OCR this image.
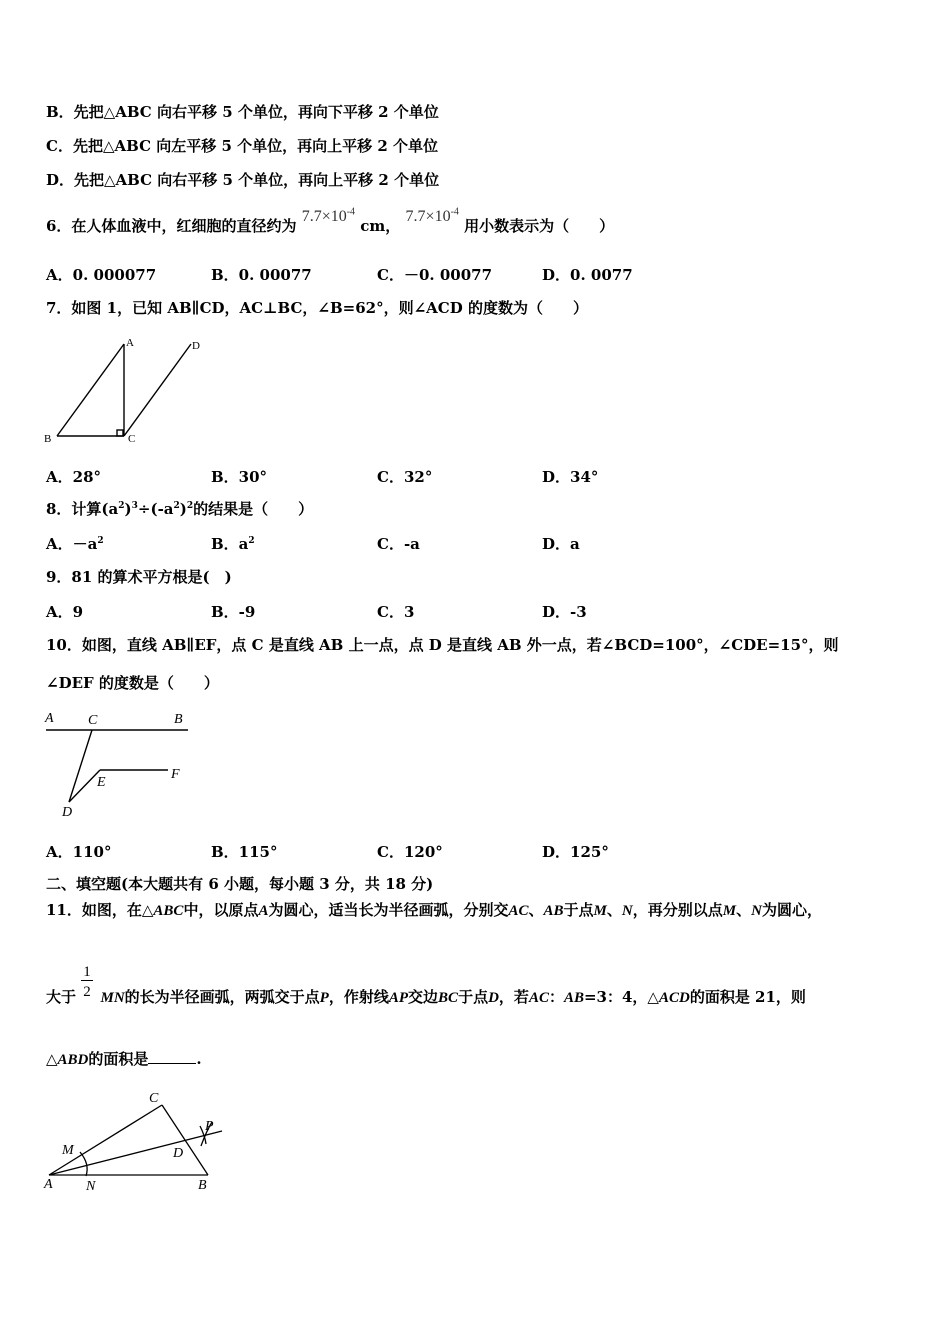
B．先把△ABC 向右平移 5 个单位，再向下平移 2 个单位
C．先把△ABC 向左平移 5 个单位，再向上平移 2 个单位
D．先把△ABC 向右平移 5 个单位，再向上平移 2 个单位
6．在人体血液中，红细胞的直径约为 $7.7\times 10^{-4}$ cm， $7.7\times 10^{-4}$ 用小数表示为（　　）
A．0. 000077	B．0. 00077	C．－0. 00077	D．0. 0077
7．如图 1，已知 AB∥CD，AC⊥BC，∠B=62°，则∠ACD 的度数为（　　）
A	D
B	C
A．28°	B．30°	C．32°	D．34°
8．计算$(a^2)^3\div(-a^2)^2$的结果是（　　）
A．$-a^2$	B．$a^2$	C．-a	D．a
9．81 的算术平方根是(　)
A．9	B．-9	C．3	D．-3
10．如图，直线 AB∥EF，点 C 是直线 AB 上一点，点 D 是直线 AB 外一点，若∠BCD=100°，∠CDE=15°，则
∠DEF 的度数是（　　）
A C	B
E
F
D
A．110°	B．115°	C．120°	D．125°
二、填空题(本大题共有 6 小题，每小题 3 分，共 18 分)
11．如图，在△ABC中，以原点A为圆心，适当长为半径画弧，分别交AC、AB于点M、N，再分别以点M、N为圆心，
大于 $\frac{1}{2}$ MN的长为半径画弧，两弧交于点P，作射线AP交边BC于点D，若AC：AB=3：4，△ACD的面积是 21，则
△ABD的面积是	.
C
P
M	D
A N	B
